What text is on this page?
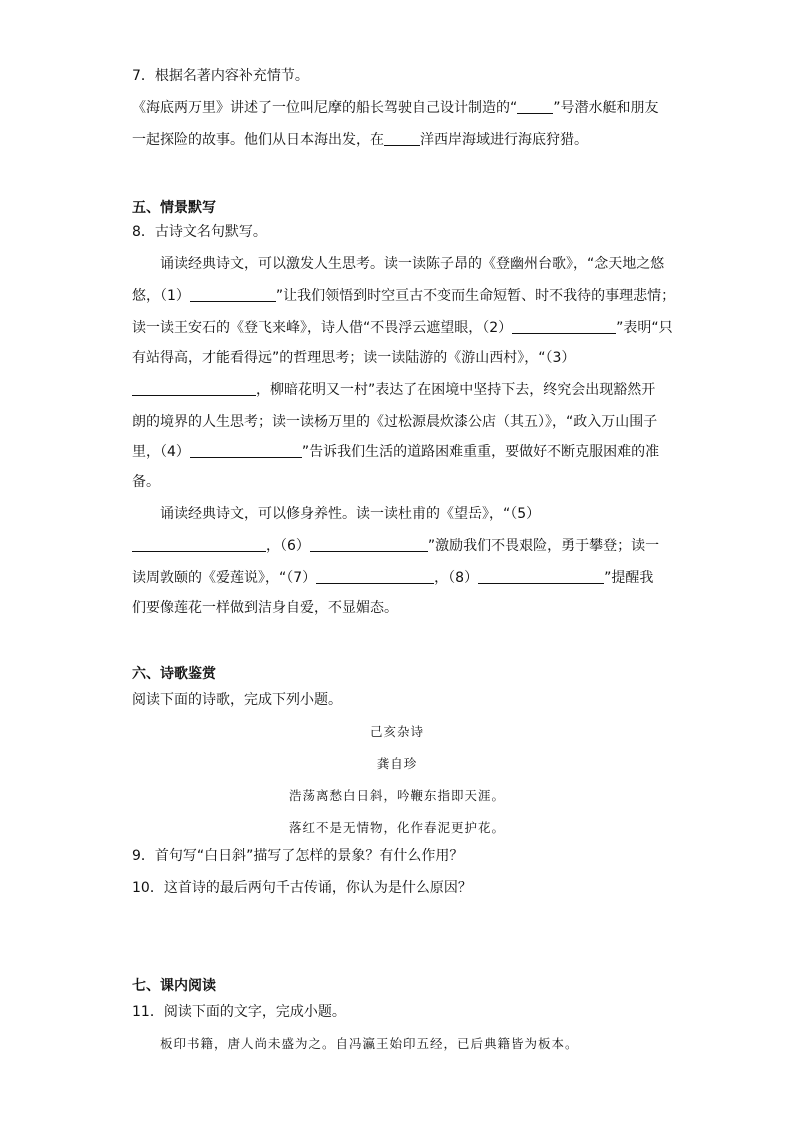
7．根据名著内容补充情节。
《海底两万里》讲述了一位叫尼摩的船长驾驶自己设计制造的“	”号潜水艇和朋友
一起探险的故事。他们从日本海出发，在	洋西岸海域进行海底狩猎。
五、情景默写
8．古诗文名句默写。
诵读经典诗文，可以激发人生思考。读一读陈子昂的《登幽州台歌》，“念天地之悠
悠，（1）	”让我们领悟到时空亘古不变而生命短暂、时不我待的事理悲情；
读一读王安石的《登飞来峰》，诗人借“不畏浮云遮望眼，（2）	”表明“只
有站得高，才能看得远”的哲理思考；读一读陆游的《游山西村》，“（3）
，柳暗花明又一村”表达了在困境中坚持下去，终究会出现豁然开
朗的境界的人生思考；读一读杨万里的《过松源晨炊漆公店（其五）》，“政入万山围子
里，（4）	”告诉我们生活的道路困难重重，要做好不断克服困难的准
备。
诵读经典诗文，可以修身养性。读一读杜甫的《望岳》，“（5）
，（6）	”激励我们不畏艰险，勇于攀登；读一
读周敦颐的《爱莲说》，“（7）	，（8）	”提醒我
们要像莲花一样做到洁身自爱，不显媚态。
六、诗歌鉴赏
阅读下面的诗歌，完成下列小题。
己亥杂诗
龚自珍
浩荡离愁白日斜，吟鞭东指即天涯。
落红不是无情物，化作春泥更护花。
9．首句写“白日斜”描写了怎样的景象？有什么作用？
10．这首诗的最后两句千古传诵，你认为是什么原因？
七、课内阅读
11．阅读下面的文字，完成小题。
板印书籍，唐人尚未盛为之。自冯瀛王始印五经，已后典籍皆为板本。
